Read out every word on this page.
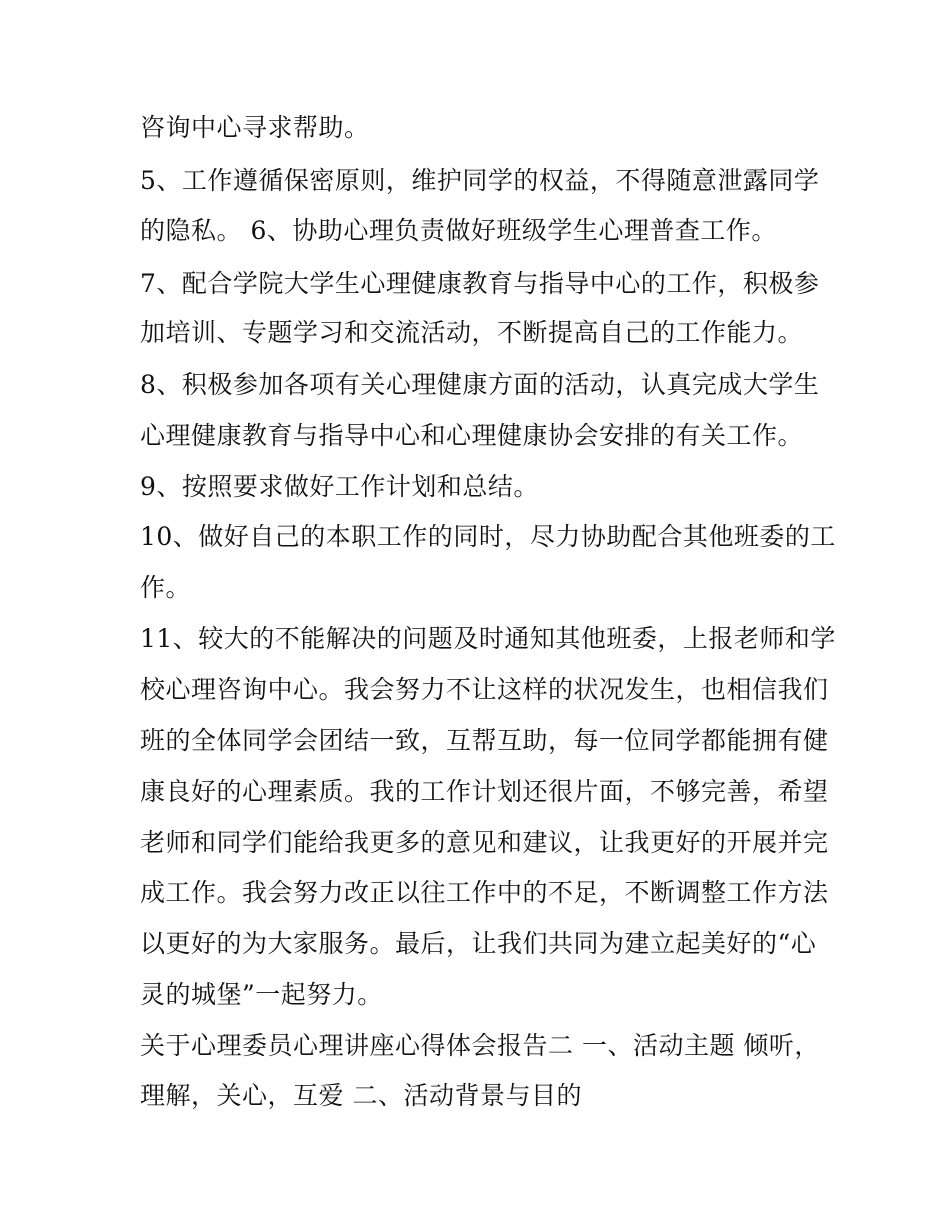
咨询中心寻求帮助。
5、工作遵循保密原则，维护同学的权益，不得随意泄露同学
的隐私。 6、协助心理负责做好班级学生心理普查工作。
7、配合学院大学生心理健康教育与指导中心的工作，积极参
加培训、专题学习和交流活动，不断提高自己的工作能力。
8、积极参加各项有关心理健康方面的活动，认真完成大学生
心理健康教育与指导中心和心理健康协会安排的有关工作。
9、按照要求做好工作计划和总结。
10、做好自己的本职工作的同时，尽力协助配合其他班委的工
作。
11、较大的不能解决的问题及时通知其他班委，上报老师和学
校心理咨询中心。我会努力不让这样的状况发生，也相信我们
班的全体同学会团结一致，互帮互助，每一位同学都能拥有健
康良好的心理素质。我的工作计划还很片面，不够完善，希望
老师和同学们能给我更多的意见和建议，让我更好的开展并完
成工作。我会努力改正以往工作中的不足，不断调整工作方法
以更好的为大家服务。最后，让我们共同为建立起美好的“心
灵的城堡”一起努力。
关于心理委员心理讲座心得体会报告二 一、活动主题 倾听，
理解，关心，互爱 二、活动背景与目的
